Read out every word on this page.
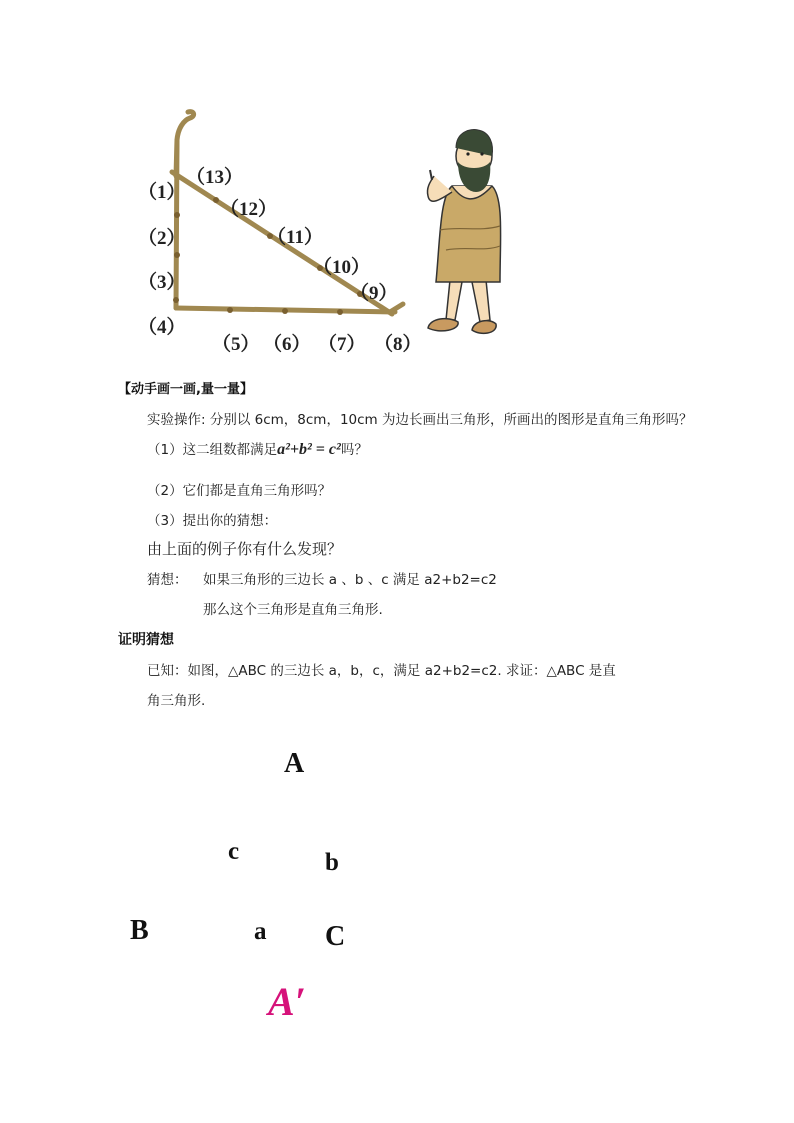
（1）
（2）
（3）
（4）
（5） （6） （7） （8）
（9）
（10）
（11）
（12）
（13）
【动手画一画,量一量】
实验操作: 分别以 6cm，8cm，10cm 为边长画出三角形，所画出的图形是直角三角形吗？
（1）这二组数都满足a²+b² = c²吗？
（2）它们都是直角三角形吗？
（3）提出你的猜想：
由上面的例子你有什么发现？
猜想： 如果三角形的三边长 a 、b 、c 满足 a2+b2=c2
那么这个三角形是直角三角形.
证明猜想
已知：如图，△ABC 的三边长 a，b，c，满足 a2+b2=c2. 求证：△ABC 是直
角三角形.
A
c	b
B	a C
A′
